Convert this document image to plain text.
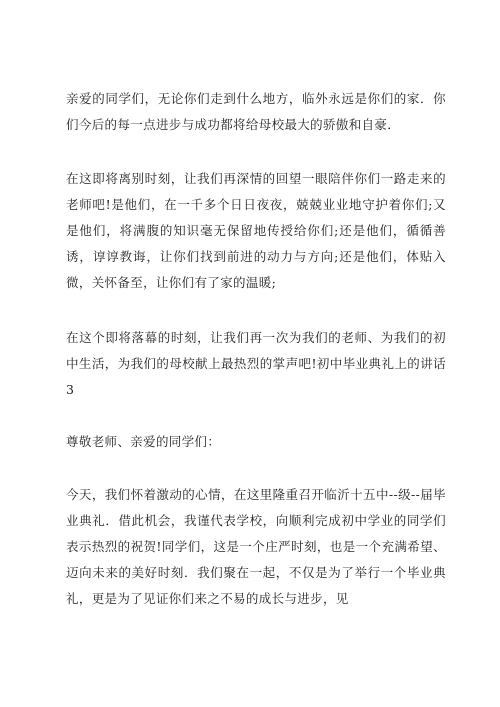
亲爱的同学们，无论你们走到什么地方，临外永远是你们的家．你们今后的每一点进步与成功都将给母校最大的骄傲和自豪．

在这即将离别时刻，让我们再深情的回望一眼陪伴你们一路走来的老师吧!是他们，在一千多个日日夜夜，兢兢业业地守护着你们;又是他们，将满腹的知识毫无保留地传授给你们;还是他们，循循善诱，谆谆教诲，让你们找到前进的动力与方向;还是他们，体贴入微，关怀备至，让你们有了家的温暖;

在这个即将落幕的时刻，让我们再一次为我们的老师、为我们的初中生活，为我们的母校献上最热烈的掌声吧!初中毕业典礼上的讲话3

尊敬老师、亲爱的同学们：

今天，我们怀着激动的心情，在这里隆重召开临沂十五中--级--届毕业典礼．借此机会，我谨代表学校，向顺利完成初中学业的同学们表示热烈的祝贺!同学们，这是一个庄严时刻，也是一个充满希望、迈向未来的美好时刻．我们聚在一起，不仅是为了举行一个毕业典礼，更是为了见证你们来之不易的成长与进步，见
